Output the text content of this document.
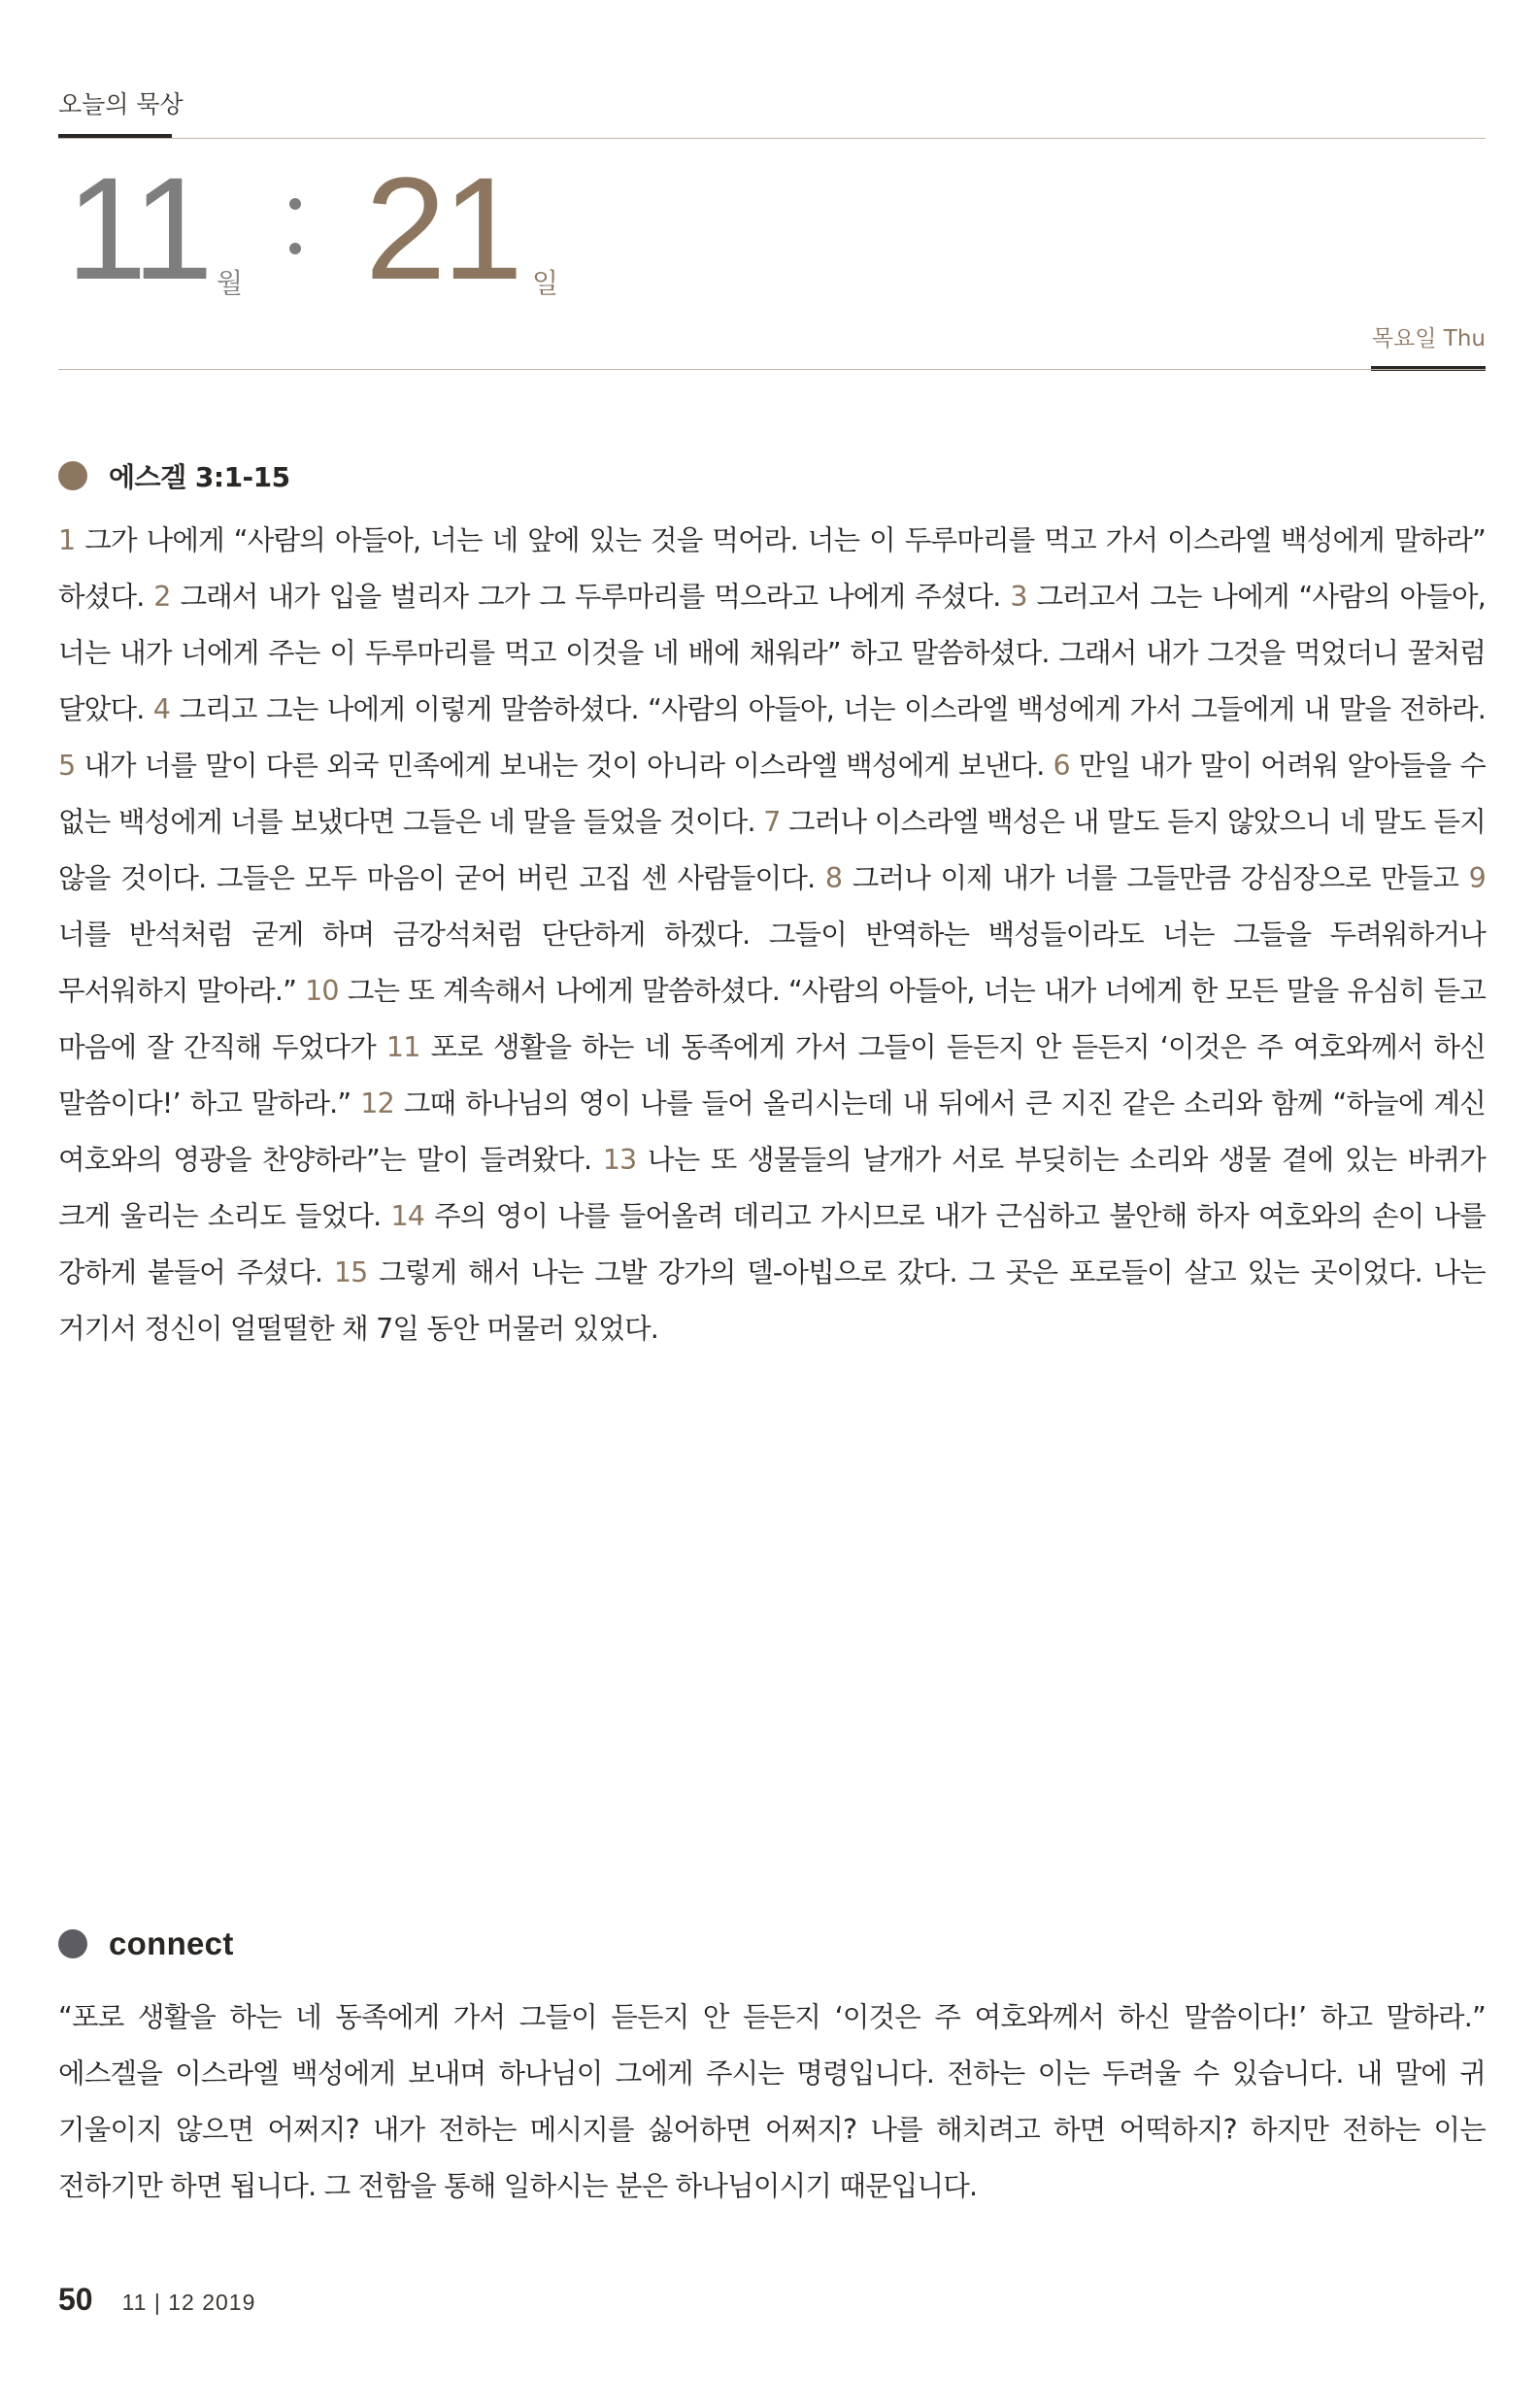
오늘의 묵상
11 월 21 일
목요일 Thu
에스겔 3:1-15
1 그가 나에게 “사람의 아들아, 너는 네 앞에 있는 것을 먹어라. 너는 이 두루마리를 먹고 가서 이스라엘 백성에게 말하라” 하셨다. 2 그래서 내가 입을 벌리자 그가 그 두루마리를 먹으라고 나에게 주셨다. 3 그러고서 그는 나에게 “사람의 아들아, 너는 내가 너에게 주는 이 두루마리를 먹고 이것을 네 배에 채워라” 하고 말씀하셨다. 그래서 내가 그것을 먹었더니 꿀처럼 달았다. 4 그리고 그는 나에게 이렇게 말씀하셨다. “사람의 아들아, 너는 이스라엘 백성에게 가서 그들에게 내 말을 전하라. 5 내가 너를 말이 다른 외국 민족에게 보내는 것이 아니라 이스라엘 백성에게 보낸다. 6 만일 내가 말이 어려워 알아들을 수 없는 백성에게 너를 보냈다면 그들은 네 말을 들었을 것이다. 7 그러나 이스라엘 백성은 내 말도 듣지 않았으니 네 말도 듣지 않을 것이다. 그들은 모두 마음이 굳어 버린 고집 센 사람들이다. 8 그러나 이제 내가 너를 그들만큼 강심장으로 만들고 9 너를 반석처럼 굳게 하며 금강석처럼 단단하게 하겠다. 그들이 반역하는 백성들이라도 너는 그들을 두려워하거나 무서워하지 말아라.” 10 그는 또 계속해서 나에게 말씀하셨다. “사람의 아들아, 너는 내가 너에게 한 모든 말을 유심히 듣고 마음에 잘 간직해 두었다가 11 포로 생활을 하는 네 동족에게 가서 그들이 듣든지 안 듣든지 ‘이것은 주 여호와께서 하신 말씀이다!’ 하고 말하라.” 12 그때 하나님의 영이 나를 들어 올리시는데 내 뒤에서 큰 지진 같은 소리와 함께 “하늘에 계신 여호와의 영광을 찬양하라”는 말이 들려왔다. 13 나는 또 생물들의 날개가 서로 부딪히는 소리와 생물 곁에 있는 바퀴가 크게 울리는 소리도 들었다. 14 주의 영이 나를 들어올려 데리고 가시므로 내가 근심하고 불안해 하자 여호와의 손이 나를 강하게 붙들어 주셨다. 15 그렇게 해서 나는 그발 강가의 델-아빕으로 갔다. 그 곳은 포로들이 살고 있는 곳이었다. 나는 거기서 정신이 얼떨떨한 채 7일 동안 머물러 있었다.
connect
“포로 생활을 하는 네 동족에게 가서 그들이 듣든지 안 듣든지 ‘이것은 주 여호와께서 하신 말씀이다!’ 하고 말하라.” 에스겔을 이스라엘 백성에게 보내며 하나님이 그에게 주시는 명령입니다. 전하는 이는 두려울 수 있습니다. 내 말에 귀 기울이지 않으면 어쩌지? 내가 전하는 메시지를 싫어하면 어쩌지? 나를 해치려고 하면 어떡하지? 하지만 전하는 이는 전하기만 하면 됩니다. 그 전함을 통해 일하시는 분은 하나님이시기 때문입니다.
50 11 | 12 2019
